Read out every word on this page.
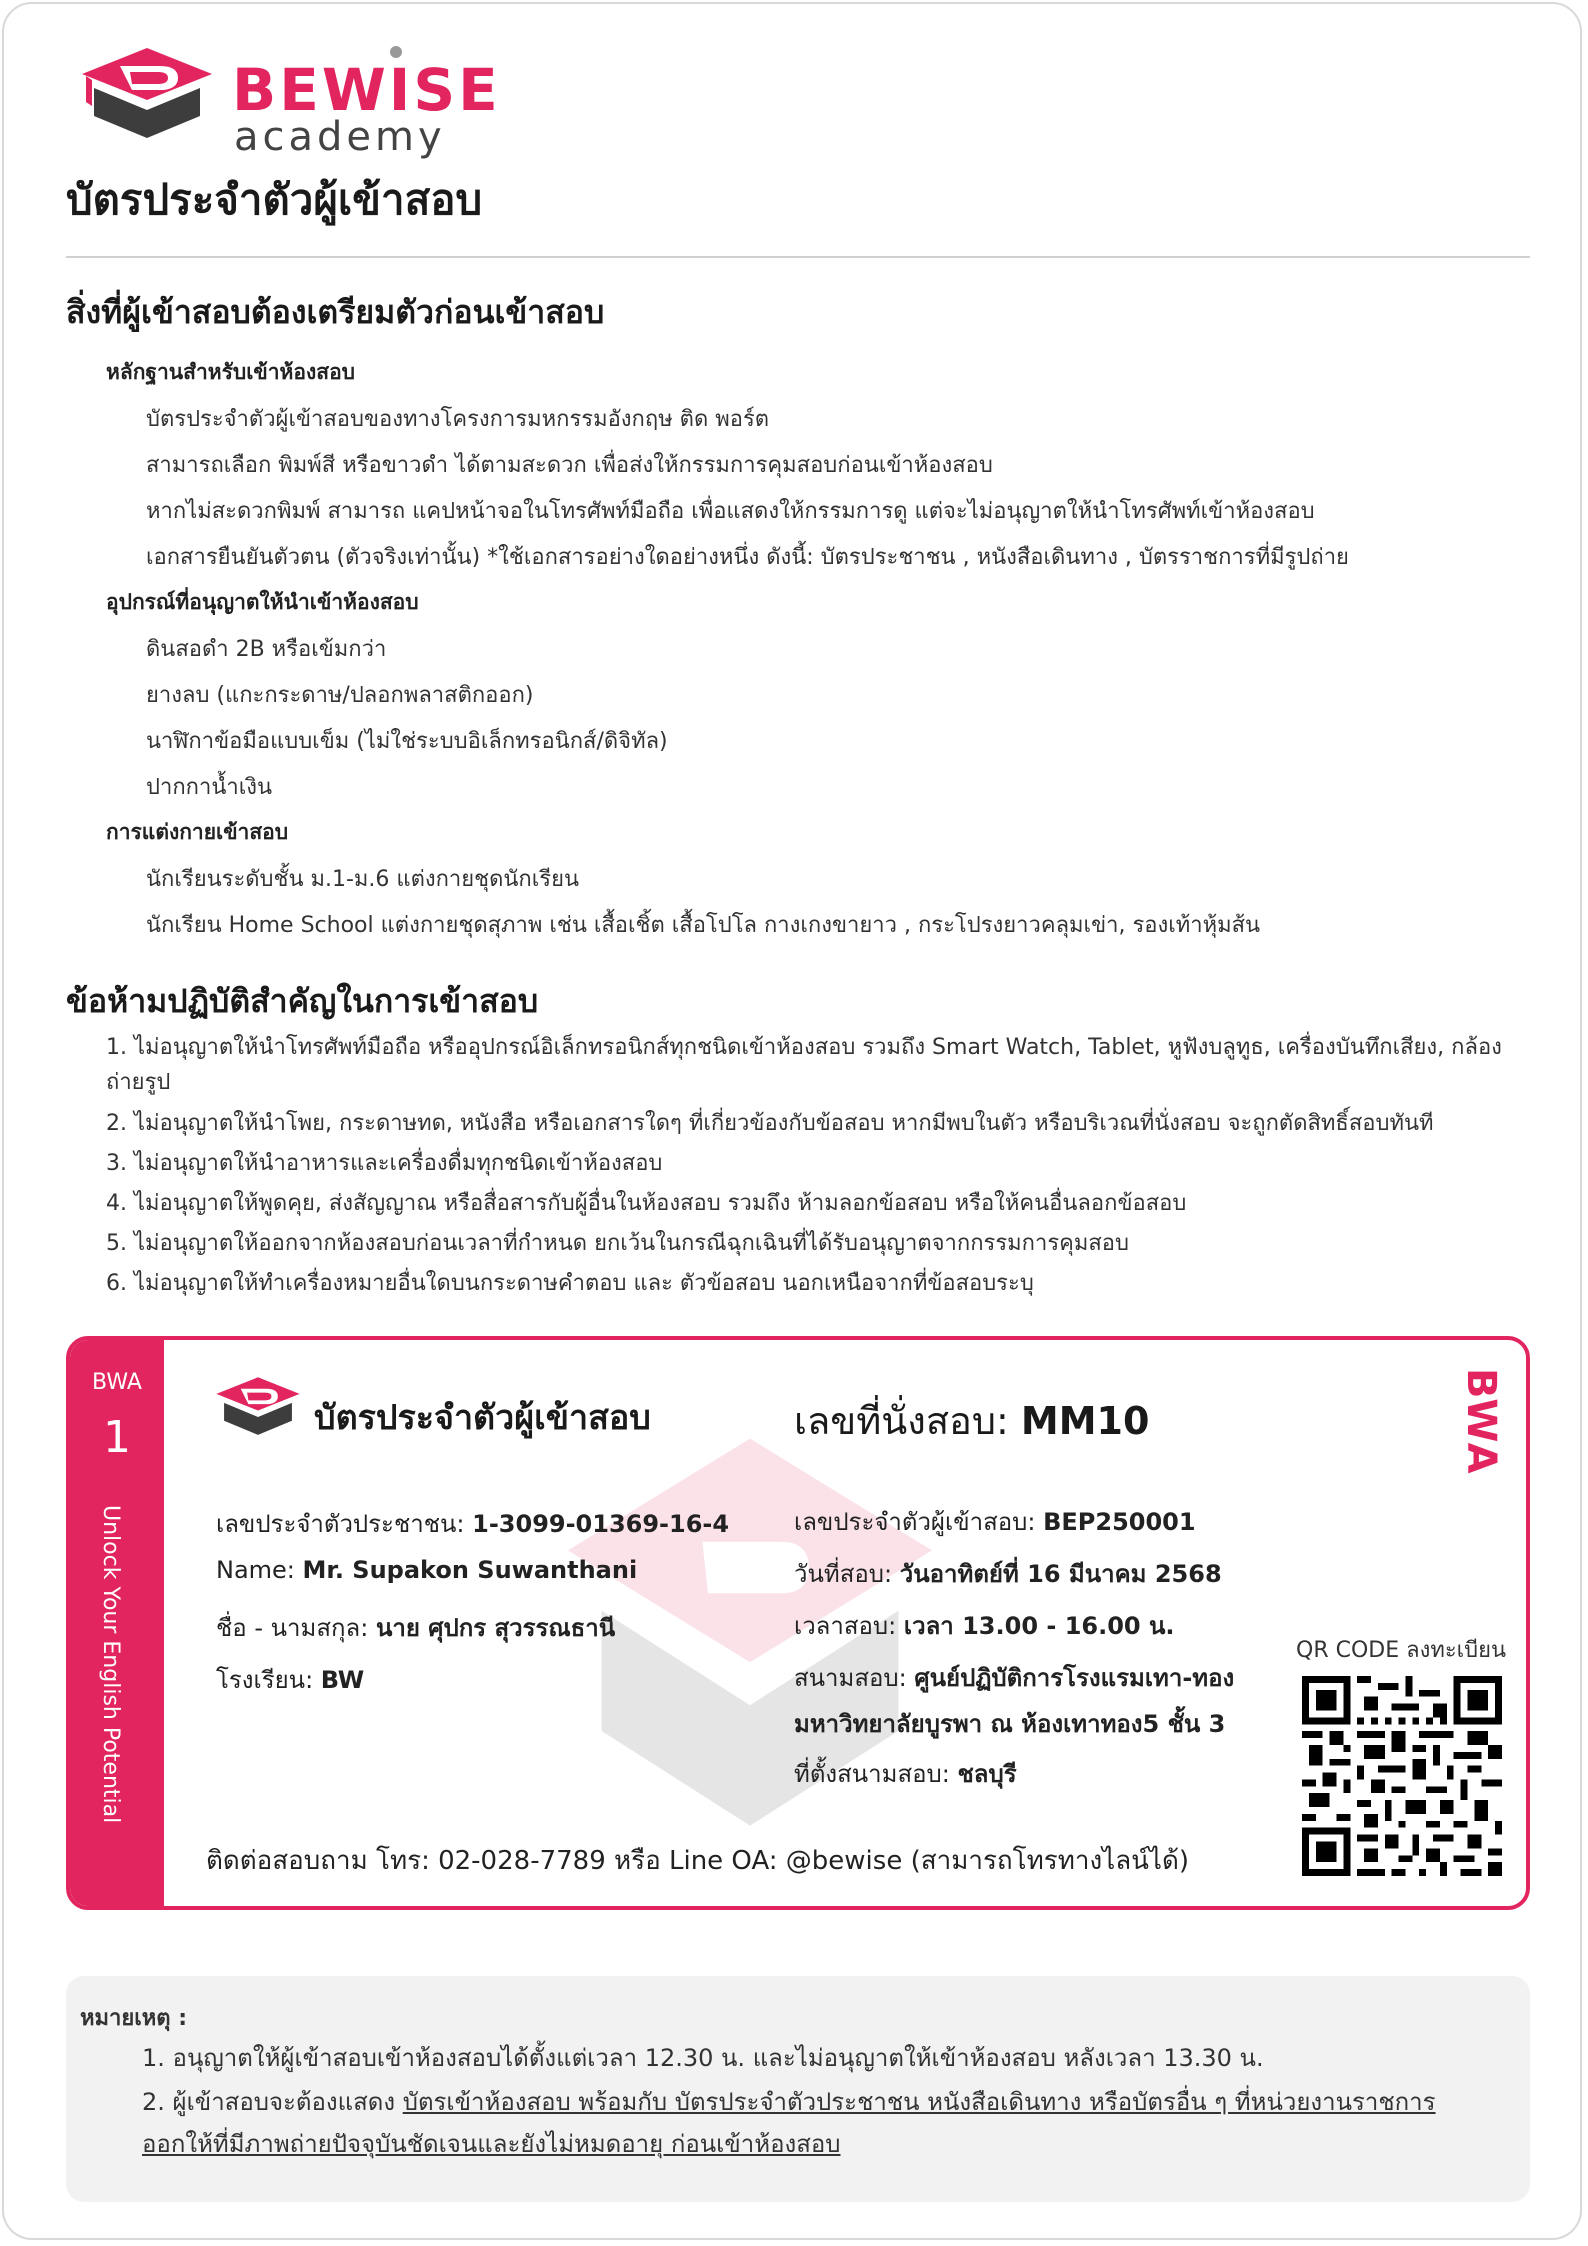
BEWISE
academy
บัตรประจำตัวผู้เข้าสอบ
สิ่งที่ผู้เข้าสอบต้องเตรียมตัวก่อนเข้าสอบ
หลักฐานสำหรับเข้าห้องสอบ
บัตรประจำตัวผู้เข้าสอบของทางโครงการมหกรรมอังกฤษ ติด พอร์ต
สามารถเลือก พิมพ์สี หรือขาวดำ ได้ตามสะดวก เพื่อส่งให้กรรมการคุมสอบก่อนเข้าห้องสอบ
หากไม่สะดวกพิมพ์ สามารถ แคปหน้าจอในโทรศัพท์มือถือ เพื่อแสดงให้กรรมการดู แต่จะไม่อนุญาตให้นำโทรศัพท์เข้าห้องสอบ
เอกสารยืนยันตัวตน (ตัวจริงเท่านั้น) *ใช้เอกสารอย่างใดอย่างหนึ่ง ดังนี้: บัตรประชาชน , หนังสือเดินทาง , บัตรราชการที่มีรูปถ่าย
อุปกรณ์ที่อนุญาตให้นำเข้าห้องสอบ
ดินสอดำ 2B หรือเข้มกว่า
ยางลบ (แกะกระดาษ/ปลอกพลาสติกออก)
นาฬิกาข้อมือแบบเข็ม (ไม่ใช่ระบบอิเล็กทรอนิกส์/ดิจิทัล)
ปากกาน้ำเงิน
การแต่งกายเข้าสอบ
นักเรียนระดับชั้น ม.1-ม.6 แต่งกายชุดนักเรียน
นักเรียน Home School แต่งกายชุดสุภาพ เช่น เสื้อเชิ้ต เสื้อโปโล กางเกงขายาว , กระโปรงยาวคลุมเข่า, รองเท้าหุ้มส้น
ข้อห้ามปฏิบัติสำคัญในการเข้าสอบ
1. ไม่อนุญาตให้นำโทรศัพท์มือถือ หรืออุปกรณ์อิเล็กทรอนิกส์ทุกชนิดเข้าห้องสอบ รวมถึง Smart Watch, Tablet, หูฟังบลูทูธ, เครื่องบันทึกเสียง, กล้อง
ถ่ายรูป
2. ไม่อนุญาตให้นำโพย, กระดาษทด, หนังสือ หรือเอกสารใดๆ ที่เกี่ยวข้องกับข้อสอบ หากมีพบในตัว หรือบริเวณที่นั่งสอบ จะถูกตัดสิทธิ์สอบทันที
3. ไม่อนุญาตให้นำอาหารและเครื่องดื่มทุกชนิดเข้าห้องสอบ
4. ไม่อนุญาตให้พูดคุย, ส่งสัญญาณ หรือสื่อสารกับผู้อื่นในห้องสอบ รวมถึง ห้ามลอกข้อสอบ หรือให้คนอื่นลอกข้อสอบ
5. ไม่อนุญาตให้ออกจากห้องสอบก่อนเวลาที่กำหนด ยกเว้นในกรณีฉุกเฉินที่ได้รับอนุญาตจากกรรมการคุมสอบ
6. ไม่อนุญาตให้ทำเครื่องหมายอื่นใดบนกระดาษคำตอบ และ ตัวข้อสอบ นอกเหนือจากที่ข้อสอบระบุ
BWA
1
Unlock Your English Potential
บัตรประจำตัวผู้เข้าสอบ	เลขที่นั่งสอบ: MM10	BWA
เลขประจำตัวประชาชน: 1-3099-01369-16-4
Name: Mr. Supakon Suwanthani
ชื่อ - นามสกุล: นาย ศุปกร สุวรรณธานี
โรงเรียน: BW
เลขประจำตัวผู้เข้าสอบ: BEP250001
วันที่สอบ: วันอาทิตย์ที่ 16 มีนาคม 2568
เวลาสอบ: เวลา 13.00 - 16.00 น.
สนามสอบ: ศูนย์ปฏิบัติการโรงแรมเทา-ทอง
มหาวิทยาลัยบูรพา ณ ห้องเทาทอง5 ชั้น 3
ที่ตั้งสนามสอบ: ชลบุรี
QR CODE ลงทะเบียน
ติดต่อสอบถาม โทร: 02-028-7789 หรือ Line OA: @bewise (สามารถโทรทางไลน์ได้)
หมายเหตุ :
1. อนุญาตให้ผู้เข้าสอบเข้าห้องสอบได้ตั้งแต่เวลา 12.30 น. และไม่อนุญาตให้เข้าห้องสอบ หลังเวลา 13.30 น.
2. ผู้เข้าสอบจะต้องแสดง บัตรเข้าห้องสอบ พร้อมกับ บัตรประจำตัวประชาชน หนังสือเดินทาง หรือบัตรอื่น ๆ ที่หน่วยงานราชการ
ออกให้ที่มีภาพถ่ายปัจจุบันชัดเจนและยังไม่หมดอายุ ก่อนเข้าห้องสอบ
